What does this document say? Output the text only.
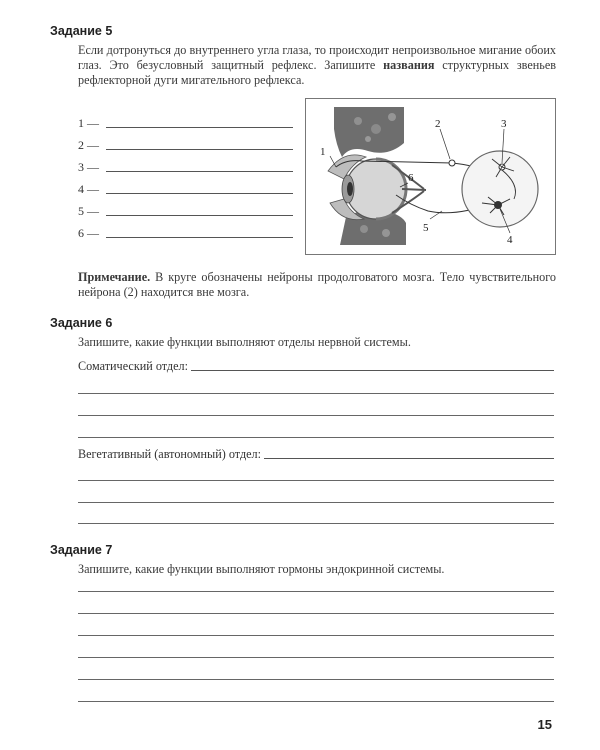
Задание 5
Если дотронуться до внутреннего угла глаза, то происходит непроизвольное мигание обоих глаз. Это безусловный защитный рефлекс. Запишите названия структурных звеньев рефлекторной дуги мигательного рефлекса.
1 —
2 —
3 —
4 —
5 —
6 —
1
2	3
4
5
6
Примечание. В круге обозначены нейроны продолговатого мозга. Тело чувствительного нейрона (2) находится вне мозга.
Задание 6
Запишите, какие функции выполняют отделы нервной системы.
Соматический отдел:
Вегетативный (автономный) отдел:
Задание 7
Запишите, какие функции выполняют гормоны эндокринной системы.
15
